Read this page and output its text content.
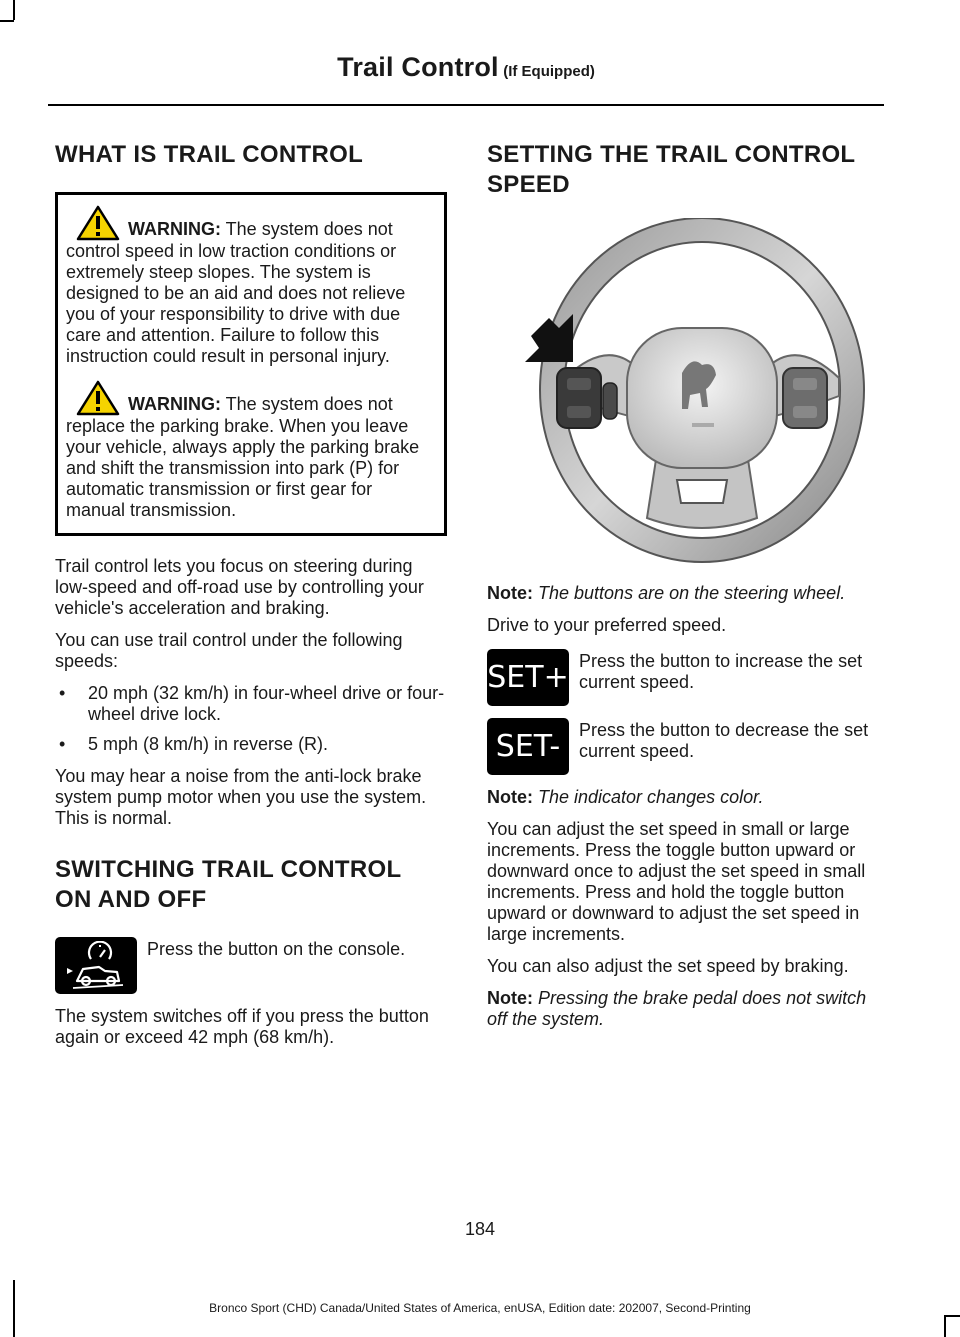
Trail Control (If Equipped)
WHAT IS TRAIL CONTROL

WARNING: The system does not control speed in low traction conditions or extremely steep slopes. The system is designed to be an aid and does not relieve you of your responsibility to drive with due care and attention. Failure to follow this instruction could result in personal injury.

WARNING: The system does not replace the parking brake. When you leave your vehicle, always apply the parking brake and shift the transmission into park (P) for automatic transmission or first gear for manual transmission.

Trail control lets you focus on steering during low-speed and off-road use by controlling your vehicle's acceleration and braking.

You can use trail control under the following speeds:

• 20 mph (32 km/h) in four-wheel drive or four-wheel drive lock.
• 5 mph (8 km/h) in reverse (R).

You may hear a noise from the anti-lock brake system pump motor when you use the system. This is normal.

SWITCHING TRAIL CONTROL
ON AND OFF
Press the button on the console.

The system switches off if you press the button again or exceed 42 mph (68 km/h).

SETTING THE TRAIL CONTROL
SPEED

Note: The buttons are on the steering wheel.

Drive to your preferred speed.

SET+ Press the button to increase the set current speed.
SET- Press the button to decrease the set current speed.

Note: The indicator changes color.

You can adjust the set speed in small or large increments. Press the toggle button upward or downward once to adjust the set speed in small increments. Press and hold the toggle button upward or downward to adjust the set speed in large increments.

You can also adjust the set speed by braking.

Note: Pressing the brake pedal does not switch off the system.

184
Bronco Sport (CHD) Canada/United States of America, enUSA, Edition date: 202007, Second-Printing
